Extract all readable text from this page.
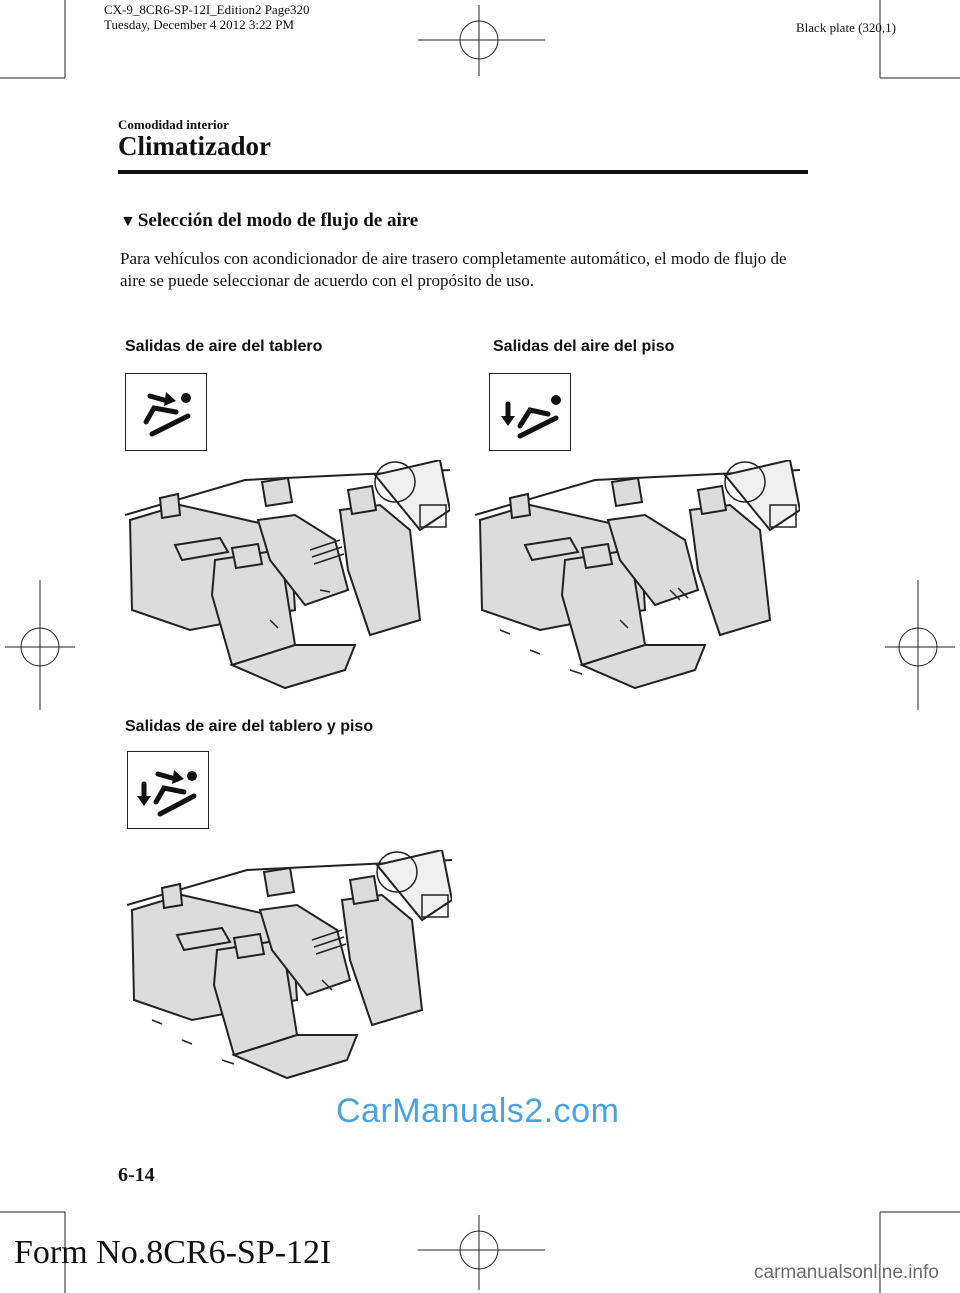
CX-9_8CR6-SP-12I_Edition2 Page320
Tuesday, December 4 2012 3:22 PM	Black plate (320,1)
Comodidad interior
Climatizador
▼ Selección del modo de flujo de aire
Para vehículos con acondicionador de aire trasero completamente automático, el modo de flujo de aire se puede seleccionar de acuerdo con el propósito de uso.
Salidas de aire del tablero	Salidas del aire del piso
Salidas de aire del tablero y piso
6-14
CarManuals2.com
Form No.8CR6-SP-12I
carmanualsonline.info
